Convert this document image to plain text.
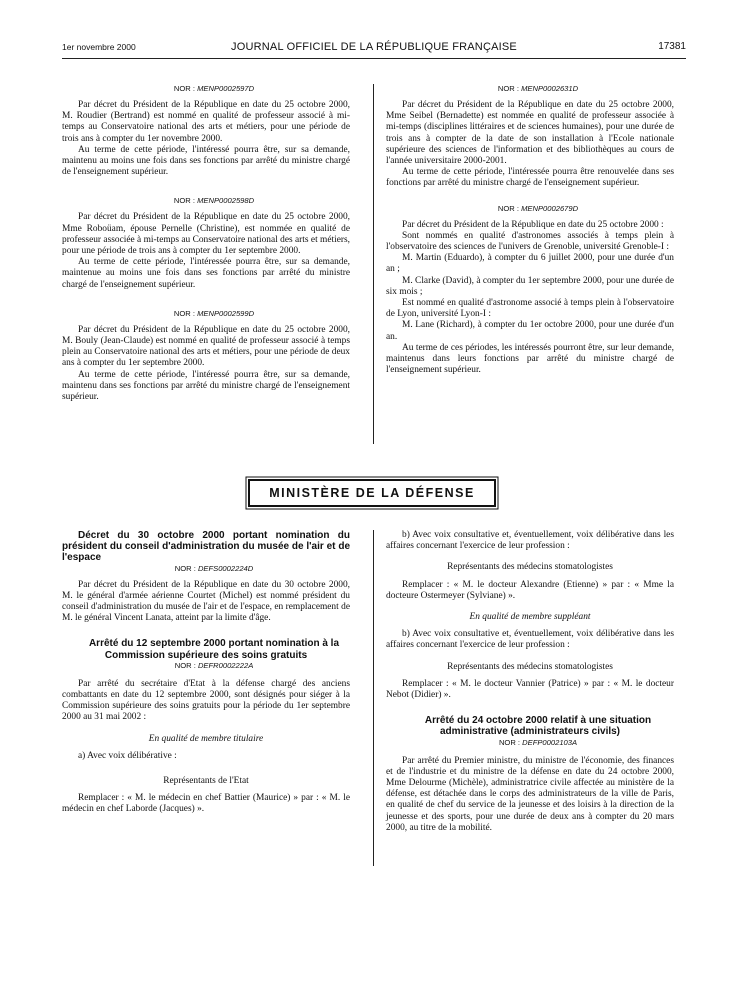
1er novembre 2000	JOURNAL OFFICIEL DE LA RÉPUBLIQUE FRANÇAISE	17381

NOR : MENP0002597D

Par décret du Président de la République en date du 25 octobre 2000, M. Roudier (Bertrand) est nommé en qualité de professeur associé à mi-temps au Conservatoire national des arts et métiers, pour une période de trois ans à compter du 1er novembre 2000.

Au terme de cette période, l'intéressé pourra être, sur sa demande, maintenu au moins une fois dans ses fonctions par arrêté du ministre chargé de l'enseignement supérieur.

NOR : MENP0002598D

Par décret du Président de la République en date du 25 octobre 2000, Mme Roboüam, épouse Pernelle (Christine), est nommée en qualité de professeur associée à mi-temps au Conservatoire national des arts et métiers, pour une période de trois ans à compter du 1er septembre 2000.

Au terme de cette période, l'intéressée pourra être, sur sa demande, maintenue au moins une fois dans ses fonctions par arrêté du ministre chargé de l'enseignement supérieur.

NOR : MENP0002599D

Par décret du Président de la République en date du 25 octobre 2000, M. Bouly (Jean-Claude) est nommé en qualité de professeur associé à temps plein au Conservatoire national des arts et métiers, pour une période de deux ans à compter du 1er septembre 2000.

Au terme de cette période, l'intéressé pourra être, sur sa demande, maintenu dans ses fonctions par arrêté du ministre chargé de l'enseignement supérieur.

NOR : MENP0002631D

Par décret du Président de la République en date du 25 octobre 2000, Mme Seibel (Bernadette) est nommée en qualité de professeur associée à mi-temps (disciplines littéraires et de sciences humaines), pour une durée de trois ans à compter de la date de son installation à l'Ecole nationale supérieure des sciences de l'information et des bibliothèques au cours de l'année universitaire 2000-2001.

Au terme de cette période, l'intéressée pourra être renouvelée dans ses fonctions par arrêté du ministre chargé de l'enseignement supérieur.

NOR : MENP0002679D

Par décret du Président de la République en date du 25 octobre 2000 :

Sont nommés en qualité d'astronomes associés à temps plein à l'observatoire des sciences de l'univers de Grenoble, université Grenoble-I :

M. Martin (Eduardo), à compter du 6 juillet 2000, pour une durée d'un an ;

M. Clarke (David), à compter du 1er septembre 2000, pour une durée de six mois ;

Est nommé en qualité d'astronome associé à temps plein à l'observatoire de Lyon, université Lyon-I :

M. Lane (Richard), à compter du 1er octobre 2000, pour une durée d'un an.

Au terme de ces périodes, les intéressés pourront être, sur leur demande, maintenus dans leurs fonctions par arrêté du ministre chargé de l'enseignement supérieur.

MINISTÈRE DE LA DÉFENSE

Décret du 30 octobre 2000 portant nomination du président du conseil d'administration du musée de l'air et de l'espace

NOR : DEFS0002224D

Par décret du Président de la République en date du 30 octobre 2000, M. le général d'armée aérienne Courtet (Michel) est nommé président du conseil d'administration du musée de l'air et de l'espace, en remplacement de M. le général Vincent Lanata, atteint par la limite d'âge.

Arrêté du 12 septembre 2000 portant nomination à la Commission supérieure des soins gratuits

NOR : DEFR0002222A

Par arrêté du secrétaire d'Etat à la défense chargé des anciens combattants en date du 12 septembre 2000, sont désignés pour siéger à la Commission supérieure des soins gratuits pour la période du 1er septembre 2000 au 31 mai 2002 :

En qualité de membre titulaire

a) Avec voix délibérative :

Représentants de l'Etat

Remplacer : « M. le médecin en chef Battier (Maurice) » par : « M. le médecin en chef Laborde (Jacques) ».

b) Avec voix consultative et, éventuellement, voix délibérative dans les affaires concernant l'exercice de leur profession :

Représentants des médecins stomatologistes

Remplacer : « M. le docteur Alexandre (Etienne) » par : « Mme la docteure Ostermeyer (Sylviane) ».

En qualité de membre suppléant

b) Avec voix consultative et, éventuellement, voix délibérative dans les affaires concernant l'exercice de leur profession :

Représentants des médecins stomatologistes

Remplacer : « M. le docteur Vannier (Patrice) » par : « M. le docteur Nebot (Didier) ».

Arrêté du 24 octobre 2000 relatif à une situation administrative (administrateurs civils)

NOR : DEFP0002103A

Par arrêté du Premier ministre, du ministre de l'économie, des finances et de l'industrie et du ministre de la défense en date du 24 octobre 2000, Mme Delourme (Michèle), administratrice civile affectée au ministère de la défense, est détachée dans le corps des administrateurs de la ville de Paris, en qualité de chef du service de la jeunesse et des loisirs à la direction de la jeunesse et des sports, pour une durée de deux ans à compter du 20 mars 2000, au titre de la mobilité.
